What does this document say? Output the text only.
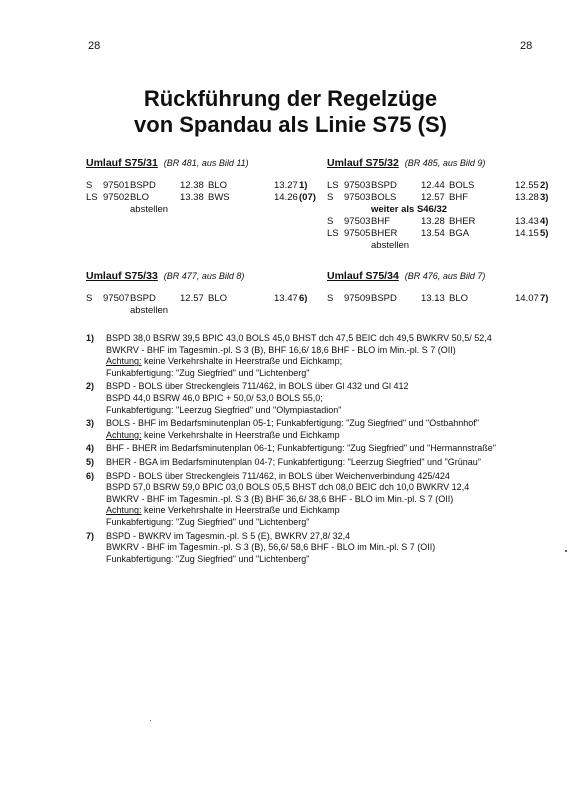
28	28
Rückführung der Regelzüge
von Spandau als Linie S75 (S)
Umlauf S75/31 (BR 481, aus Bild 11)
S 97501 BSPD	12.38 BLO	13.27 1)
LS 97502 BLO	13.38 BWS	14.26 (07)
abstellen
Umlauf S75/32 (BR 485, aus Bild 9)
LS 97503 BSPD	12.44 BOLS	12.55 2)
S 97503 BOLS	12.57 BHF	13.28 3)
weiter als S46/32
S 97503 BHF	13.28 BHER	13.43 4)
LS 97505 BHER 13.54 BGA	14.15 5)
abstellen
Umlauf S75/33 (BR 477, aus Bild 8)
S 97507 BSPD	12.57 BLO	13.47 6)
abstellen
Umlauf S75/34 (BR 476, aus Bild 7)
S 97509 BSPD	13.13 BLO	14.07 7)
1) BSPD 38,0 BSRW 39,5 BPIC 43,0 BOLS 45,0 BHST dch 47,5 BEIC dch 49,5 BWKRV 50,5/ 52,4
BWKRV - BHF im Tagesmin.-pl. S 3 (B), BHF 16,6/ 18,6 BHF - BLO im Min.-pl. S 7 (OII)
Achtung: keine Verkehrshalte in Heerstraße und Eichkamp;
Funkabfertigung: "Zug Siegfried" und "Lichtenberg"
2) BSPD - BOLS über Streckengleis 711/462, in BOLS über Gl 432 und Gl 412
BSPD 44,0 BSRW 46,0 BPIC + 50,0/ 53,0 BOLS 55,0;
Funkabfertigung: "Leerzug Siegfried" und "Olympiastadion"
3) BOLS - BHF im Bedarfsminutenplan 05-1; Funkabfertigung: "Zug Siegfried" und "Ostbahnhof"
Achtung: keine Verkehrshalte in Heerstraße und Eichkamp
4) BHF - BHER im Bedarfsminutenplan 06-1; Funkabfertigung: "Zug Siegfried" und "Hermannstraße"
5) BHER - BGA im Bedarfsminutenplan 04-7; Funkabfertigung: "Leerzug Siegfried" und "Grünau"
6) BSPD - BOLS über Streckengleis 711/462, in BOLS über Weichenverbindung 425/424
BSPD 57,0 BSRW 59,0 BPIC 03,0 BOLS 05,5 BHST dch 08,0 BEIC dch 10,0 BWKRV 12,4
BWKRV - BHF im Tagesmin.-pl. S 3 (B) BHF 36,6/ 38,6 BHF - BLO im Min.-pl. S 7 (OII)
Achtung: keine Verkehrshalte in Heerstraße und Eichkamp
Funkabfertigung: "Zug Siegfried" und "Lichtenberg"
7) BSPD - BWKRV im Tagesmin.-pl. S 5 (E), BWKRV 27,8/ 32,4
BWKRV - BHF im Tagesmin.-pl. S 3 (B), 56,6/ 58,6 BHF - BLO im Min.-pl. S 7 (OII)
Funkabfertigung: "Zug Siegfried" und "Lichtenberg"
